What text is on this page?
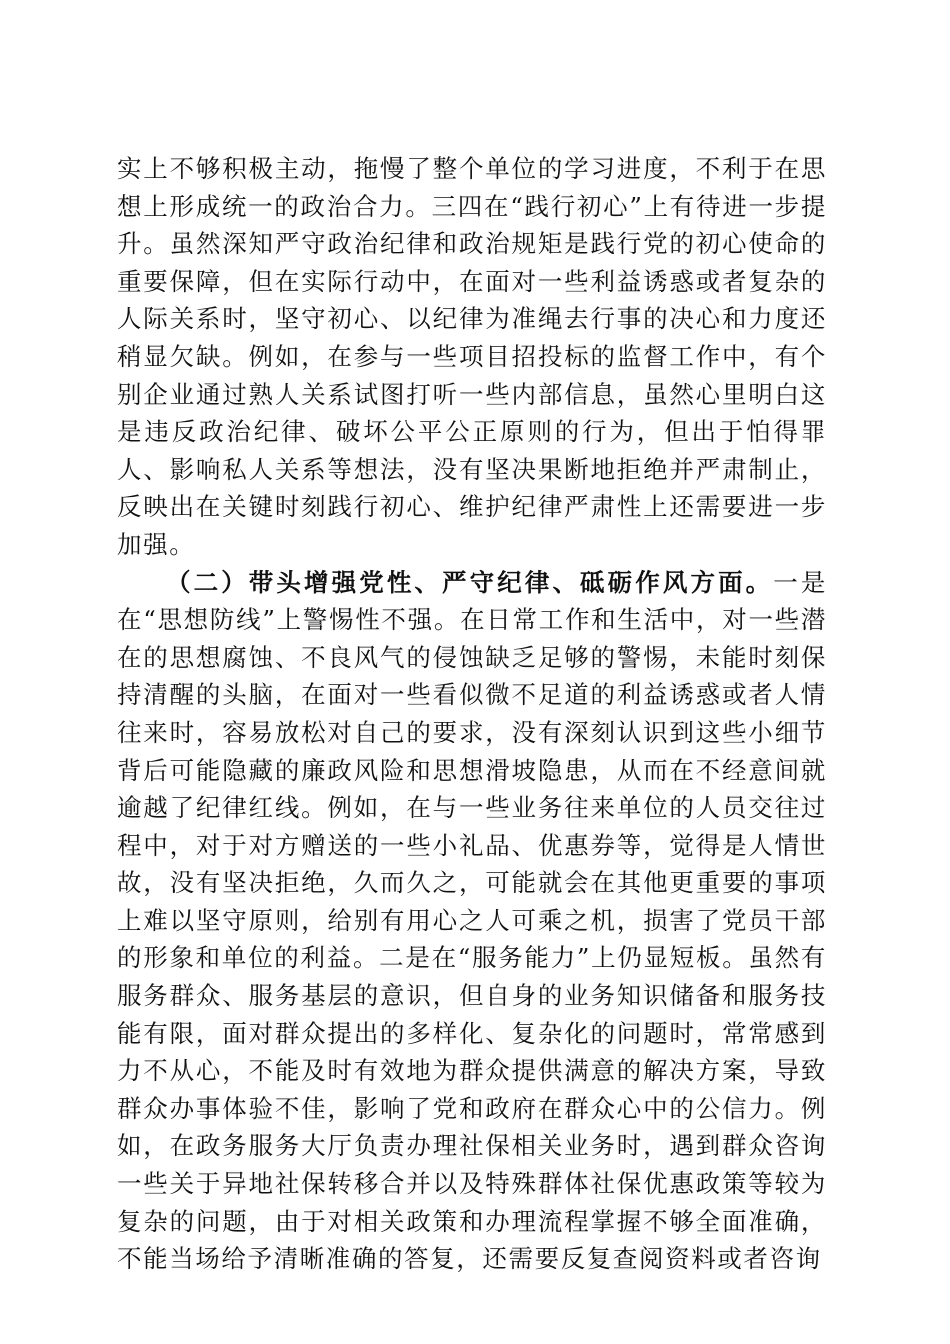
实上不够积极主动，拖慢了整个单位的学习进度，不利于在思想上形成统一的政治合力。三四在“践行初心”上有待进一步提升。虽然深知严守政治纪律和政治规矩是践行党的初心使命的重要保障，但在实际行动中，在面对一些利益诱惑或者复杂的人际关系时，坚守初心、以纪律为准绳去行事的决心和力度还稍显欠缺。例如，在参与一些项目招投标的监督工作中，有个别企业通过熟人关系试图打听一些内部信息，虽然心里明白这是违反政治纪律、破坏公平公正原则的行为，但出于怕得罪人、影响私人关系等想法，没有坚决果断地拒绝并严肃制止，反映出在关键时刻践行初心、维护纪律严肃性上还需要进一步加强。

（二）带头增强党性、严守纪律、砥砺作风方面。一是在“思想防线”上警惕性不强。在日常工作和生活中，对一些潜在的思想腐蚀、不良风气的侵蚀缺乏足够的警惕，未能时刻保持清醒的头脑，在面对一些看似微不足道的利益诱惑或者人情往来时，容易放松对自己的要求，没有深刻认识到这些小细节背后可能隐藏的廉政风险和思想滑坡隐患，从而在不经意间就逾越了纪律红线。例如，在与一些业务往来单位的人员交往过程中，对于对方赠送的一些小礼品、优惠券等，觉得是人情世故，没有坚决拒绝，久而久之，可能就会在其他更重要的事项上难以坚守原则，给别有用心之人可乘之机，损害了党员干部的形象和单位的利益。二是在“服务能力”上仍显短板。虽然有服务群众、服务基层的意识，但自身的业务知识储备和服务技能有限，面对群众提出的多样化、复杂化的问题时，常常感到力不从心，不能及时有效地为群众提供满意的解决方案，导致群众办事体验不佳，影响了党和政府在群众心中的公信力。例如，在政务服务大厅负责办理社保相关业务时，遇到群众咨询一些关于异地社保转移合并以及特殊群体社保优惠政策等较为复杂的问题，由于对相关政策和办理流程掌握不够全面准确，不能当场给予清晰准确的答复，还需要反复查阅资料或者咨询
